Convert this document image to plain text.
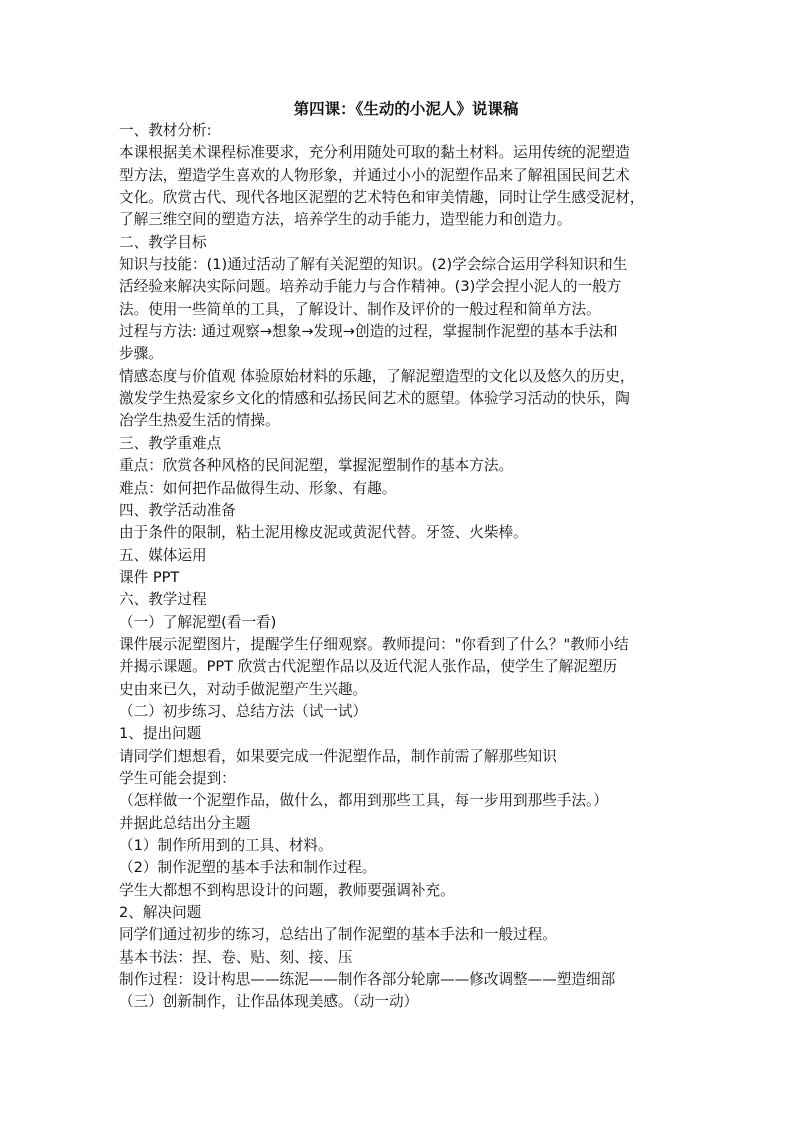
第四课：《生动的小泥人》说课稿

一、教材分析:

本课根据美术课程标准要求，充分利用随处可取的黏土材料。运用传统的泥塑造

型方法，塑造学生喜欢的人物形象，并通过小小的泥塑作品来了解祖国民间艺术

文化。欣赏古代、现代各地区泥塑的艺术特色和审美情趣，同时让学生感受泥材，

了解三维空间的塑造方法，培养学生的动手能力，造型能力和创造力。

二、教学目标

知识与技能：(1)通过活动了解有关泥塑的知识。(2)学会综合运用学科知识和生

活经验来解决实际问题。培养动手能力与合作精神。(3)学会捏小泥人的一般方

法。使用一些简单的工具，了解设计、制作及评价的一般过程和简单方法。

过程与方法: 通过观察→想象→发现→创造的过程，掌握制作泥塑的基本手法和

步骤。

情感态度与价值观 体验原始材料的乐趣，了解泥塑造型的文化以及悠久的历史，

激发学生热爱家乡文化的情感和弘扬民间艺术的愿望。体验学习活动的快乐，陶

冶学生热爱生活的情操。

三、教学重难点

重点：欣赏各种风格的民间泥塑，掌握泥塑制作的基本方法。

难点：如何把作品做得生动、形象、有趣。

四、教学活动准备

由于条件的限制，粘土泥用橡皮泥或黄泥代替。牙签、火柴棒。

五、媒体运用

课件 PPT

六、教学过程

（一）了解泥塑(看一看)

课件展示泥塑图片，提醒学生仔细观察。教师提问："你看到了什么？"教师小结

并揭示课题。PPT 欣赏古代泥塑作品以及近代泥人张作品，使学生了解泥塑历

史由来已久，对动手做泥塑产生兴趣。

（二）初步练习、总结方法（试一试）

1、提出问题

请同学们想想看，如果要完成一件泥塑作品，制作前需了解那些知识

学生可能会提到：

（怎样做一个泥塑作品，做什么，都用到那些工具，每一步用到那些手法。）

并据此总结出分主题

（1）制作所用到的工具、材料。

（2）制作泥塑的基本手法和制作过程。

学生大都想不到构思设计的问题，教师要强调补充。

2、解决问题

同学们通过初步的练习，总结出了制作泥塑的基本手法和一般过程。

基本书法：捏、卷、贴、刻、接、压

制作过程：设计构思——练泥——制作各部分轮廓——修改调整——塑造细部

（三）创新制作，让作品体现美感。（动一动）
